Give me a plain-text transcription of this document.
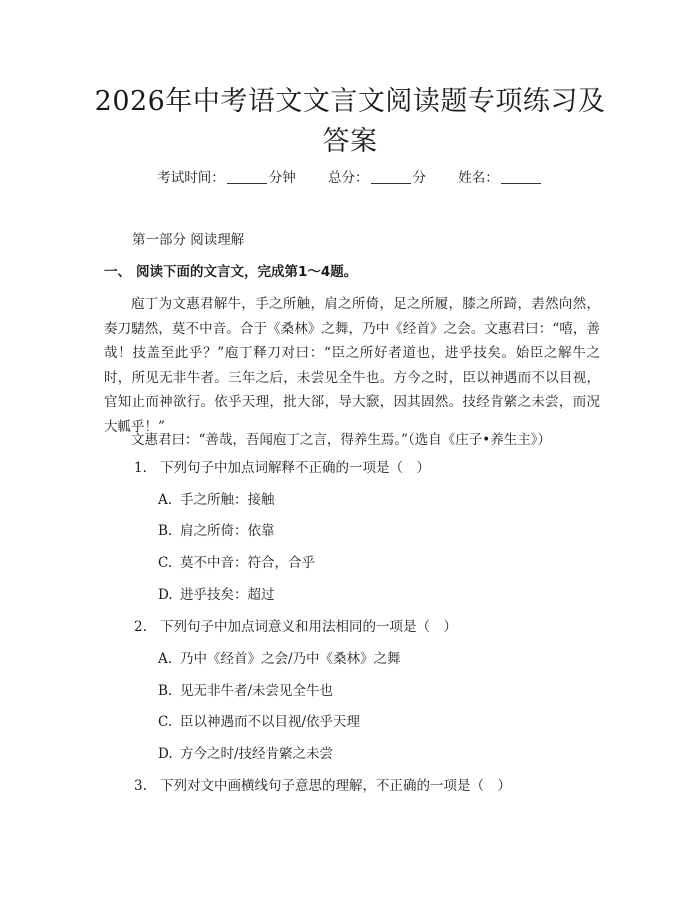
2026年中考语文文言文阅读题专项练习及答案
考试时间：	分钟 总分：	分 姓名：
第一部分 阅读理解
一、 阅读下面的文言文，完成第1～4题。

庖丁为文惠君解牛，手之所触，肩之所倚，足之所履，膝之所踦，砉然向然，奏刀騞然，莫不中音。合于《桑林》之舞，乃中《经首》之会。文惠君曰：“嘻，善哉！技盖至此乎？”庖丁释刀对曰：“臣之所好者道也，进乎技矣。始臣之解牛之时，所见无非牛者。三年之后，未尝见全牛也。方今之时，臣以神遇而不以目视，官知止而神欲行。依乎天理，批大郤，导大窾，因其固然。技经肯綮之未尝，而况大軱乎！”

文惠君曰：“善哉，吾闻庖丁之言，得养生焉。”（选自《庄子•养生主》）

1. 下列句子中加点词解释不正确的一项是（　）
A. 手之所触：接触
B. 肩之所倚：依靠
C. 莫不中音：符合，合乎
D. 进乎技矣：超过
2. 下列句子中加点词意义和用法相同的一项是（　）
A. 乃中《经首》之会/乃中《桑林》之舞
B. 见无非牛者/未尝见全牛也
C. 臣以神遇而不以目视/依乎天理
D. 方今之时/技经肯綮之未尝
3. 下列对文中画横线句子意思的理解，不正确的一项是（　）
